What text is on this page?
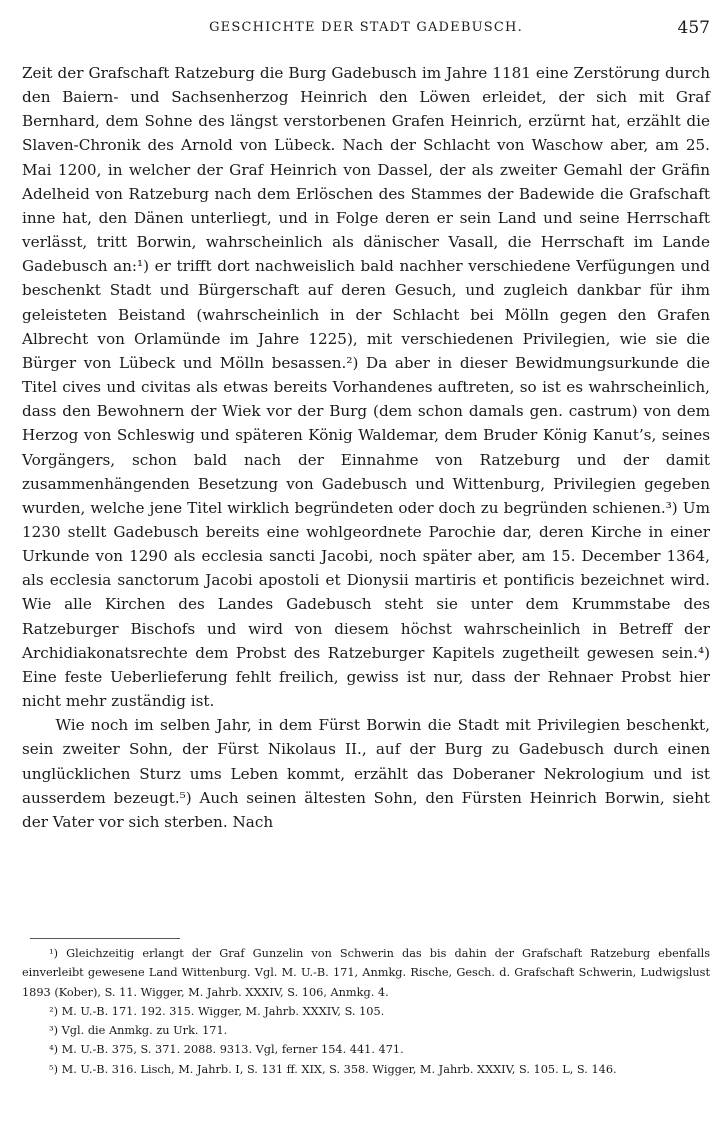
GESCHICHTE DER STADT GADEBUSCH.	457

Zeit der Grafschaft Ratzeburg die Burg Gadebusch im Jahre 1181 eine Zerstörung durch den Baiern- und Sachsenherzog Heinrich den Löwen erleidet, der sich mit Graf Bernhard, dem Sohne des längst verstorbenen Grafen Heinrich, erzürnt hat, erzählt die Slaven-Chronik des Arnold von Lübeck. Nach der Schlacht von Waschow aber, am 25. Mai 1200, in welcher der Graf Heinrich von Dassel, der als zweiter Gemahl der Gräfin Adelheid von Ratzeburg nach dem Erlöschen des Stammes der Badewide die Grafschaft inne hat, den Dänen unterliegt, und in Folge deren er sein Land und seine Herrschaft verlässt, tritt Borwin, wahrscheinlich als dänischer Vasall, die Herrschaft im Lande Gadebusch an:¹) er trifft dort nachweislich bald nachher verschiedene Verfügungen und beschenkt Stadt und Bürgerschaft auf deren Gesuch, und zugleich dankbar für ihm geleisteten Beistand (wahrscheinlich in der Schlacht bei Mölln gegen den Grafen Albrecht von Orlamünde im Jahre 1225), mit verschiedenen Privilegien, wie sie die Bürger von Lübeck und Mölln besassen.²) Da aber in dieser Bewidmungsurkunde die Titel cives und civitas als etwas bereits Vorhandenes auftreten, so ist es wahrscheinlich, dass den Bewohnern der Wiek vor der Burg (dem schon damals gen. castrum) von dem Herzog von Schleswig und späteren König Waldemar, dem Bruder König Kanut’s, seines Vorgängers, schon bald nach der Einnahme von Ratzeburg und der damit zusammenhängenden Besetzung von Gadebusch und Wittenburg, Privilegien gegeben wurden, welche jene Titel wirklich begründeten oder doch zu begründen schienen.³) Um 1230 stellt Gadebusch bereits eine wohlgeordnete Parochie dar, deren Kirche in einer Urkunde von 1290 als ecclesia sancti Jacobi, noch später aber, am 15. December 1364, als ecclesia sanctorum Jacobi apostoli et Dionysii martiris et pontificis bezeichnet wird. Wie alle Kirchen des Landes Gadebusch steht sie unter dem Krummstabe des Ratzeburger Bischofs und wird von diesem höchst wahrscheinlich in Betreff der Archidiakonatsrechte dem Probst des Ratzeburger Kapitels zugetheilt gewesen sein.⁴) Eine feste Ueberlieferung fehlt freilich, gewiss ist nur, dass der Rehnaer Probst hier nicht mehr zuständig ist.

Wie noch im selben Jahr, in dem Fürst Borwin die Stadt mit Privilegien beschenkt, sein zweiter Sohn, der Fürst Nikolaus II., auf der Burg zu Gadebusch durch einen unglücklichen Sturz ums Leben kommt, erzählt das Doberaner Nekrologium und ist ausserdem bezeugt.⁵) Auch seinen ältesten Sohn, den Fürsten Heinrich Borwin, sieht der Vater vor sich sterben. Nach

¹) Gleichzeitig erlangt der Graf Gunzelin von Schwerin das bis dahin der Grafschaft Ratzeburg ebenfalls einverleibt gewesene Land Wittenburg. Vgl. M. U.-B. 171, Anmkg. Rische, Gesch. d. Grafschaft Schwerin, Ludwigslust 1893 (Kober), S. 11. Wigger, M. Jahrb. XXXIV, S. 106, Anmkg. 4.

²) M. U.-B. 171. 192. 315. Wigger, M. Jahrb. XXXIV, S. 105.

³) Vgl. die Anmkg. zu Urk. 171.

⁴) M. U.-B. 375, S. 371. 2088. 9313. Vgl, ferner 154. 441. 471.

⁵) M. U.-B. 316. Lisch, M. Jahrb. I, S. 131 ff. XIX, S. 358. Wigger, M. Jahrb. XXXIV, S. 105. L, S. 146.
